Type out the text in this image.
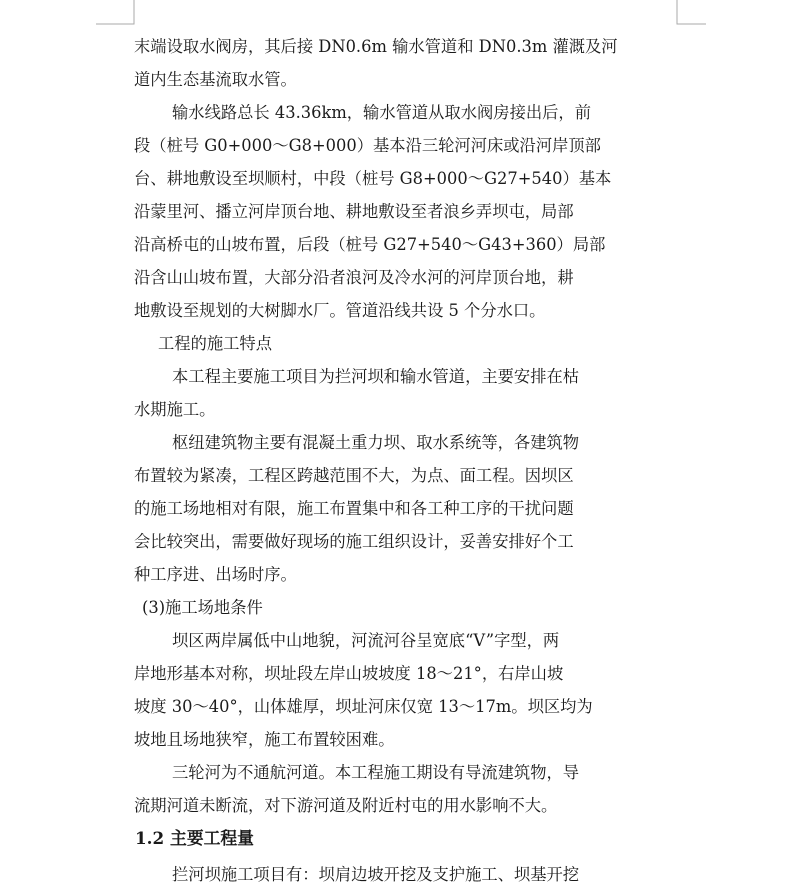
末端设取水阀房，其后接 DN0.6m 输水管道和 DN0.3m 灌溉及河
道内生态基流取水管。
输水线路总长 43.36km，输水管道从取水阀房接出后，前
段（桩号 G0+000～G8+000）基本沿三轮河河床或沿河岸顶部
台、耕地敷设至坝顺村，中段（桩号 G8+000～G27+540）基本
沿蒙里河、播立河岸顶台地、耕地敷设至者浪乡弄坝屯，局部
沿高桥屯的山坡布置，后段（桩号 G27+540～G43+360）局部
沿含山山坡布置，大部分沿者浪河及冷水河的河岸顶台地，耕
地敷设至规划的大树脚水厂。管道沿线共设 5 个分水口。
工程的施工特点
本工程主要施工项目为拦河坝和输水管道，主要安排在枯
水期施工。
枢纽建筑物主要有混凝土重力坝、取水系统等，各建筑物
布置较为紧凑，工程区跨越范围不大，为点、面工程。因坝区
的施工场地相对有限，施工布置集中和各工种工序的干扰问题
会比较突出，需要做好现场的施工组织设计，妥善安排好个工
种工序进、出场时序。
(3)施工场地条件
坝区两岸属低中山地貌，河流河谷呈宽底“V”字型，两
岸地形基本对称，坝址段左岸山坡坡度 18～21°，右岸山坡
坡度 30～40°，山体雄厚，坝址河床仅宽 13～17m。坝区均为
坡地且场地狭窄，施工布置较困难。
三轮河为不通航河道。本工程施工期设有导流建筑物，导
流期河道未断流，对下游河道及附近村屯的用水影响不大。
1.2 主要工程量
拦河坝施工项目有：坝肩边坡开挖及支护施工、坝基开挖
